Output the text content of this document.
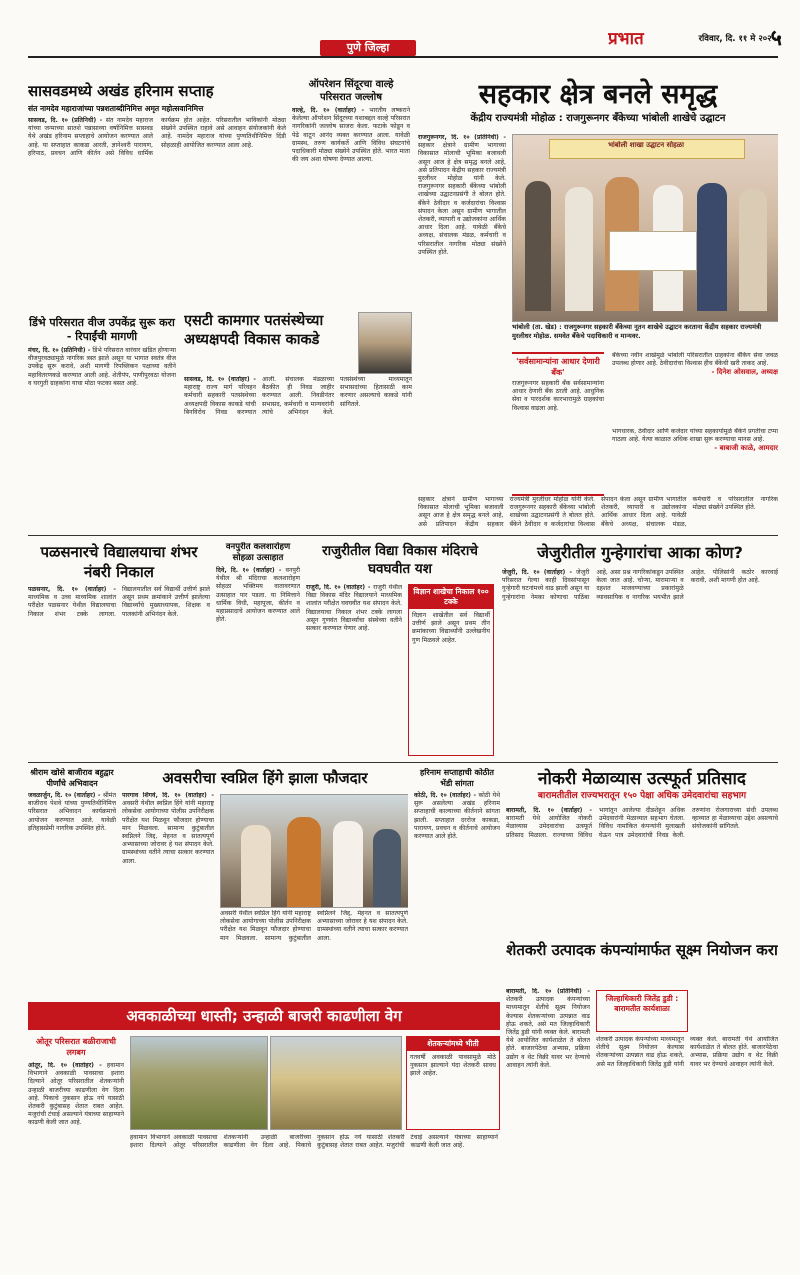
पुणे जिल्हा	प्रभात	रविवार, दि. ११ मे २०२५
५
सासवडमध्ये अखंड हरिनाम सप्ताह
संत नामदेव महाराजांच्या पन्नशताब्दीनिमित्त अमृत महोत्सवानिमित्त
सासवड, दि. १० (प्रतिनिधी) - संत नामदेव महाराज यांच्या जन्माच्या सातशे पन्नासाव्या वर्षानिमित्त सासवड येथे अखंड हरिनाम सप्ताहाचे आयोजन करण्यात आले आहे. या सप्ताहात काकडा आरती, ज्ञानेश्वरी पारायण, हरिपाठ, प्रवचन आणि कीर्तन असे विविध धार्मिक कार्यक्रम होत आहेत. परिसरातील भाविकांनी मोठ्या संख्येने उपस्थित राहावे असे आवाहन संयोजकांनी केले आहे. नामदेव महाराज यांच्या पुण्यतिथीनिमित्त दिंडी सोहळाही आयोजित करण्यात आला आहे.
ऑपरेशन सिंदूरचा वाल्हे परिसरात जल्लोष
वाल्हे, दि. १० (वार्ताहर) - भारतीय लष्कराने केलेल्या ऑपरेशन सिंदूरच्या यशाबद्दल वाल्हे परिसरात नागरिकांनी जल्लोष साजरा केला. फटाके फोडून व पेढे वाटून आनंद व्यक्त करण्यात आला. यावेळी ग्रामस्थ, तरुण कार्यकर्ते आणि विविध संघटनांचे पदाधिकारी मोठ्या संख्येने उपस्थित होते. भारत माता की जय अशा घोषणा देण्यात आल्या.
सहकार क्षेत्र बनले समृद्ध
केंद्रीय राज्यमंत्री मोहोळ : राजगुरूनगर बँकेच्या भांबोली शाखेचे उद्घाटन
राजगुरूनगर, दि. १० (प्रतिनिधी) - सहकार क्षेत्राने ग्रामीण भागाच्या विकासात मोलाची भूमिका बजावली असून आज हे क्षेत्र समृद्ध बनले आहे, असे प्रतिपादन केंद्रीय सहकार राज्यमंत्री मुरलीधर मोहोळ यांनी केले. राजगुरूनगर सहकारी बँकेच्या भांबोली शाखेच्या उद्घाटनप्रसंगी ते बोलत होते. बँकेने ठेवीदार व कर्जदारांचा विश्वास संपादन केला असून ग्रामीण भागातील शेतकरी, व्यापारी व उद्योजकांना आर्थिक आधार दिला आहे. यावेळी बँकेचे अध्यक्ष, संचालक मंडळ, कर्मचारी व परिसरातील नागरिक मोठ्या संख्येने उपस्थित होते.
भांबोली शाखा उद्घाटन सोहळा
भांबोली (ता. खेड) : राजगुरूनगर सहकारी बँकेच्या नूतन शाखेचे उद्घाटन करताना केंद्रीय सहकार राज्यमंत्री मुरलीधर मोहोळ. समवेत बँकेचे पदाधिकारी व मान्यवर.
'सर्वसामान्यांना आधार देणारी बँक'
राजगुरूनगर सहकारी बँक सर्वसामान्यांना आधार देणारी बँक ठरली आहे. आधुनिक सेवा व पारदर्शक कारभारामुळे ग्राहकांचा विश्वास वाढला आहे.
बँकेच्या नवीन शाखेमुळे भांबोली परिसरातील ग्राहकांना बँकिंग सेवा जवळ उपलब्ध होणार आहे. ठेवीदारांचा विश्वास हीच बँकेची खरी ताकद आहे.
- दिनेश ओसवाल, अध्यक्ष
भागधारक, ठेवीदार आणि कर्जदार यांच्या सहकार्यामुळे बँकेने प्रगतीचा टप्पा गाठला आहे. येत्या काळात अधिक शाखा सुरू करण्याचा मानस आहे.
- बाबाजी काळे, आमदार
सहकार क्षेत्राने ग्रामीण भागाच्या विकासात मोलाची भूमिका बजावली असून आज हे क्षेत्र समृद्ध बनले आहे, असे प्रतिपादन केंद्रीय सहकार राज्यमंत्री मुरलीधर मोहोळ यांनी केले. राजगुरूनगर सहकारी बँकेच्या भांबोली शाखेच्या उद्घाटनप्रसंगी ते बोलत होते. बँकेने ठेवीदार व कर्जदारांचा विश्वास संपादन केला असून ग्रामीण भागातील शेतकरी, व्यापारी व उद्योजकांना आर्थिक आधार दिला आहे. यावेळी बँकेचे अध्यक्ष, संचालक मंडळ, कर्मचारी व परिसरातील नागरिक मोठ्या संख्येने उपस्थित होते.
डिंभे परिसरात वीज उपकेंद्र सुरू करा - रिपाईंची मागणी
मंचर, दि. १० (प्रतिनिधी) - डिंभे परिसरात वारंवार खंडित होणाऱ्या वीजपुरवठ्यामुळे नागरिक त्रस्त झाले असून या भागात स्वतंत्र वीज उपकेंद्र सुरू करावे, अशी मागणी रिपब्लिकन पक्षाच्या वतीने महावितरणकडे करण्यात आली आहे. शेतीपंप, पाणीपुरवठा योजना व घरगुती ग्राहकांना याचा मोठा फटका बसत आहे.
एसटी कामगार पतसंस्थेच्या अध्यक्षपदी विकास काकडे
सासवड, दि. १० (वार्ताहर) - महाराष्ट्र राज्य मार्ग परिवहन कर्मचारी सहकारी पतसंस्थेच्या अध्यक्षपदी विकास काकडे यांची बिनविरोध निवड करण्यात आली. संचालक मंडळाच्या बैठकीत ही निवड जाहीर करण्यात आली. निवडीनंतर सभासद, कर्मचारी व मान्यवरांनी त्यांचे अभिनंदन केले. पतसंस्थेच्या माध्यमातून सभासदांच्या हितासाठी काम करणार असल्याचे काकडे यांनी सांगितले.
पळसनारचे विद्यालयाचा शंभर नंबरी निकाल
पळसनार, दि. १० (वार्ताहर) - माध्यमिक व उच्च माध्यमिक शालांत परीक्षेत पळसनार येथील विद्यालयाचा निकाल शंभर टक्के लागला. विद्यालयातील सर्व विद्यार्थी उत्तीर्ण झाले असून प्रथम क्रमांकाने उत्तीर्ण झालेल्या विद्यार्थ्यांचे मुख्याध्यापक, शिक्षक व पालकांनी अभिनंदन केले.
वनपुरीत कलशारोहण सोहळा उत्साहात
दिवे, दि. १० (वार्ताहर) - वनपुरी येथील श्री मंदिराचा कलशारोहण सोहळा भक्तिमय वातावरणात उत्साहात पार पडला. या निमित्ताने धार्मिक विधी, महापूजा, कीर्तन व महाप्रसादाचे आयोजन करण्यात आले होते.
राजुरीतील विद्या विकास मंदिराचे घवघवीत यश
राजुरी, दि. १० (वार्ताहर) - राजुरी येथील विद्या विकास मंदिर विद्यालयाने माध्यमिक शालांत परीक्षेत घवघवीत यश संपादन केले. विद्यालयाचा निकाल शंभर टक्के लागला असून गुणवंत विद्यार्थ्यांचा संस्थेच्या वतीने सत्कार करण्यात येणार आहे.
विज्ञान शाखेचा निकाल १०० टक्के
विज्ञान शाखेतील सर्व विद्यार्थी उत्तीर्ण झाले असून प्रथम तीन क्रमांकाच्या विद्यार्थ्यांनी उल्लेखनीय गुण मिळवले आहेत.
जेजुरीतील गुन्हेगारांचा आका कोण?
जेजुरी, दि. १० (वार्ताहर) - जेजुरी परिसरात गेल्या काही दिवसांपासून गुन्हेगारी घटनांमध्ये वाढ झाली असून या गुन्हेगारांना नेमका कोणाचा पाठिंबा आहे, असा प्रश्न नागरिकांकडून उपस्थित केला जात आहे. चोऱ्या, मारामाऱ्या व दहशत माजवण्याच्या प्रकारांमुळे व्यावसायिक व नागरिक भयभीत झाले आहेत. पोलिसांनी कठोर कारवाई करावी, अशी मागणी होत आहे.
श्रीराम खोसे बाजीराव बहुद्वार पीर्णांचे अभिवादन
जवळार्जुन, दि. १० (वार्ताहर) - श्रीमंत बाजीराव पेशवे यांच्या पुण्यतिथीनिमित्त परिसरात अभिवादन कार्यक्रमाचे आयोजन करण्यात आले. यावेळी इतिहासप्रेमी नागरिक उपस्थित होते.
अवसरीचा स्वप्निल हिंगे झाला फौजदार
पारगाव शिंगवे, दि. १० (वार्ताहर) - अवसरी येथील स्वप्निल हिंगे यांनी महाराष्ट्र लोकसेवा आयोगाच्या पोलीस उपनिरीक्षक परीक्षेत यश मिळवून फौजदार होण्याचा मान मिळवला. सामान्य कुटुंबातील स्वप्निलने जिद्द, मेहनत व सातत्यपूर्ण अभ्यासाच्या जोरावर हे यश संपादन केले. ग्रामस्थांच्या वतीने त्याचा सत्कार करण्यात आला.
अवसरी येथील स्वप्निल हिंगे यांनी महाराष्ट्र लोकसेवा आयोगाच्या पोलीस उपनिरीक्षक परीक्षेत यश मिळवून फौजदार होण्याचा मान मिळवला. सामान्य कुटुंबातील स्वप्निलने जिद्द, मेहनत व सातत्यपूर्ण अभ्यासाच्या जोरावर हे यश संपादन केले. ग्रामस्थांच्या वतीने त्याचा सत्कार करण्यात आला.
हरिनाम सप्ताहाची कोठीत भेंडी सांगता
कोठी, दि. १० (वार्ताहर) - कोठी येथे सुरू असलेल्या अखंड हरिनाम सप्ताहाची काल्याच्या कीर्तनाने सांगता झाली. सप्ताहात दररोज काकडा, पारायण, प्रवचन व कीर्तनाचे आयोजन करण्यात आले होते.
नोकरी मेळाव्यास उत्स्फूर्त प्रतिसाद
बारामतीतील राज्यभरातून १५० पेक्षा अधिक उमेदवारांचा सहभाग
बारामती, दि. १० (वार्ताहर) - बारामती येथे आयोजित नोकरी मेळाव्यास उमेदवारांचा उत्स्फूर्त प्रतिसाद मिळाला. राज्याच्या विविध भागांतून आलेल्या दीडशेहून अधिक उमेदवारांनी मेळाव्यात सहभाग घेतला. विविध नामांकित कंपन्यांनी मुलाखती घेऊन पात्र उमेदवारांची निवड केली. तरुणांना रोजगाराच्या संधी उपलब्ध व्हाव्यात हा मेळाव्याचा उद्देश असल्याचे संयोजकांनी सांगितले.
शेतकरी उत्पादक कंपन्यांमार्फत सूक्ष्म नियोजन करा
बारामती, दि. १० (प्रतिनिधी) - शेतकरी उत्पादक कंपन्यांच्या माध्यमातून शेतीचे सूक्ष्म नियोजन केल्यास शेतकऱ्यांच्या उत्पन्नात वाढ होऊ शकते, असे मत जिल्हाधिकारी जितेंद्र डुडी यांनी व्यक्त केले. बारामती येथे आयोजित कार्यशाळेत ते बोलत होते. बाजारपेठेचा अभ्यास, प्रक्रिया उद्योग व थेट विक्री यावर भर देण्याचे आवाहन त्यांनी केले.
जिल्हाधिकारी जितेंद्र डुडी : बारामतीत कार्यशाळा
शेतकरी उत्पादक कंपन्यांच्या माध्यमातून शेतीचे सूक्ष्म नियोजन केल्यास शेतकऱ्यांच्या उत्पन्नात वाढ होऊ शकते, असे मत जिल्हाधिकारी जितेंद्र डुडी यांनी व्यक्त केले. बारामती येथे आयोजित कार्यशाळेत ते बोलत होते. बाजारपेठेचा अभ्यास, प्रक्रिया उद्योग व थेट विक्री यावर भर देण्याचे आवाहन त्यांनी केले.
अवकाळीच्या धास्ती; उन्हाळी बाजरी काढणीला वेग
ओतूर परिसरात बळीराजाची लगबग
ओतूर, दि. १० (वार्ताहर) - हवामान विभागाने अवकाळी पावसाचा इशारा दिल्याने ओतूर परिसरातील शेतकऱ्यांनी उन्हाळी बाजरीच्या काढणीला वेग दिला आहे. पिकाचे नुकसान होऊ नये यासाठी शेतकरी कुटुंबासह शेतात राबत आहेत. मजुरांची टंचाई असल्याने यंत्राच्या साहाय्याने काढणी केली जात आहे.
शेतकऱ्यांमध्ये भीती
गतवर्षी अवकाळी पावसामुळे मोठे नुकसान झाल्याने यंदा शेतकरी सावध झाले आहेत.
हवामान विभागाने अवकाळी पावसाचा इशारा दिल्याने ओतूर परिसरातील शेतकऱ्यांनी उन्हाळी बाजरीच्या काढणीला वेग दिला आहे. पिकाचे नुकसान होऊ नये यासाठी शेतकरी कुटुंबासह शेतात राबत आहेत. मजुरांची टंचाई असल्याने यंत्राच्या साहाय्याने काढणी केली जात आहे.
